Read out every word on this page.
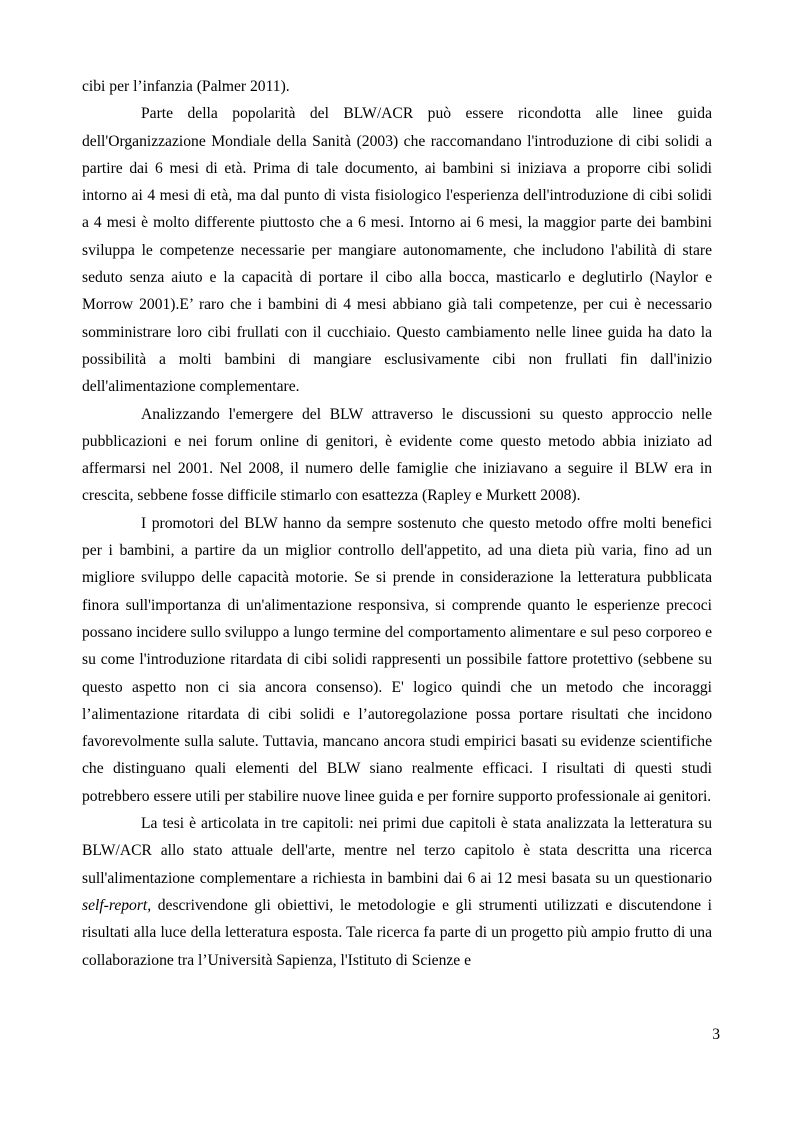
cibi per l’infanzia (Palmer 2011).

Parte della popolarità del BLW/ACR può essere ricondotta alle linee guida dell'Organizzazione Mondiale della Sanità (2003) che raccomandano l'introduzione di cibi solidi a partire dai 6 mesi di età. Prima di tale documento, ai bambini si iniziava a proporre cibi solidi intorno ai 4 mesi di età, ma dal punto di vista fisiologico l'esperienza dell'introduzione di cibi solidi a 4 mesi è molto differente piuttosto che a 6 mesi. Intorno ai 6 mesi, la maggior parte dei bambini sviluppa le competenze necessarie per mangiare autonomamente, che includono l'abilità di stare seduto senza aiuto e la capacità di portare il cibo alla bocca, masticarlo e deglutirlo (Naylor e Morrow 2001).E’ raro che i bambini di 4 mesi abbiano già tali competenze, per cui è necessario somministrare loro cibi frullati con il cucchiaio. Questo cambiamento nelle linee guida ha dato la possibilità a molti bambini di mangiare esclusivamente cibi non frullati fin dall'inizio dell'alimentazione complementare.

Analizzando l'emergere del BLW attraverso le discussioni su questo approccio nelle pubblicazioni e nei forum online di genitori, è evidente come questo metodo abbia iniziato ad affermarsi nel 2001. Nel 2008, il numero delle famiglie che iniziavano a seguire il BLW era in crescita, sebbene fosse difficile stimarlo con esattezza (Rapley e Murkett 2008).

I promotori del BLW hanno da sempre sostenuto che questo metodo offre molti benefici per i bambini, a partire da un miglior controllo dell'appetito, ad una dieta più varia, fino ad un migliore sviluppo delle capacità motorie. Se si prende in considerazione la letteratura pubblicata finora sull'importanza di un'alimentazione responsiva, si comprende quanto le esperienze precoci possano incidere sullo sviluppo a lungo termine del comportamento alimentare e sul peso corporeo e su come l'introduzione ritardata di cibi solidi rappresenti un possibile fattore protettivo (sebbene su questo aspetto non ci sia ancora consenso). E' logico quindi che un metodo che incoraggi l’alimentazione ritardata di cibi solidi e l’autoregolazione possa portare risultati che incidono favorevolmente sulla salute. Tuttavia, mancano ancora studi empirici basati su evidenze scientifiche che distinguano quali elementi del BLW siano realmente efficaci. I risultati di questi studi potrebbero essere utili per stabilire nuove linee guida e per fornire supporto professionale ai genitori.

La tesi è articolata in tre capitoli: nei primi due capitoli è stata analizzata la letteratura su BLW/ACR allo stato attuale dell'arte, mentre nel terzo capitolo è stata descritta una ricerca sull'alimentazione complementare a richiesta in bambini dai 6 ai 12 mesi basata su un questionario self-report, descrivendone gli obiettivi, le metodologie e gli strumenti utilizzati e discutendone i risultati alla luce della letteratura esposta. Tale ricerca fa parte di un progetto più ampio frutto di una collaborazione tra l’Università Sapienza, l'Istituto di Scienze e

3
